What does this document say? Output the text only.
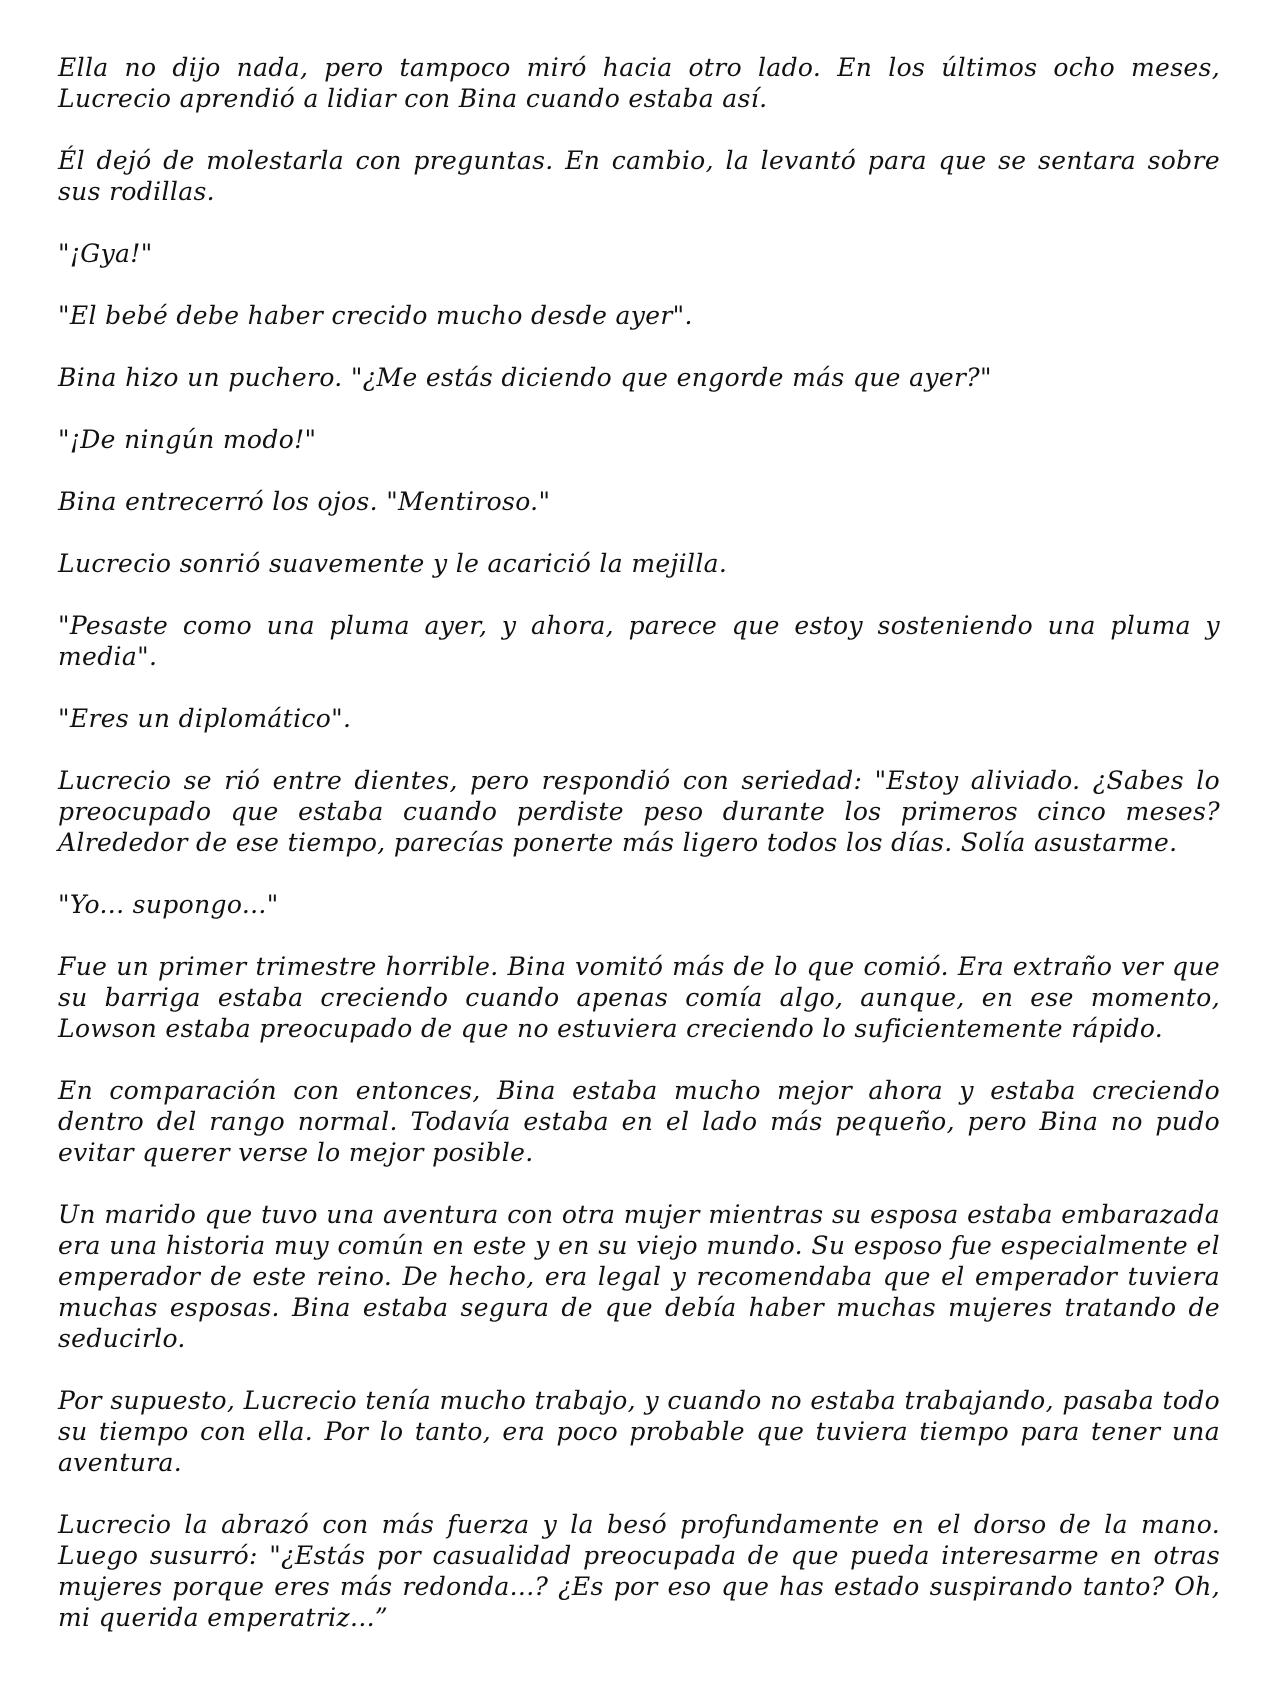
Ella no dijo nada, pero tampoco miró hacia otro lado. En los últimos ocho meses, Lucrecio aprendió a lidiar con Bina cuando estaba así.

Él dejó de molestarla con preguntas. En cambio, la levantó para que se sentara sobre sus rodillas.

"¡Gya!"

"El bebé debe haber crecido mucho desde ayer".

Bina hizo un puchero. "¿Me estás diciendo que engorde más que ayer?"

"¡De ningún modo!"

Bina entrecerró los ojos. "Mentiroso."

Lucrecio sonrió suavemente y le acarició la mejilla.

"Pesaste como una pluma ayer, y ahora, parece que estoy sosteniendo una pluma y media".

"Eres un diplomático".

Lucrecio se rió entre dientes, pero respondió con seriedad: "Estoy aliviado. ¿Sabes lo preocupado que estaba cuando perdiste peso durante los primeros cinco meses? Alrededor de ese tiempo, parecías ponerte más ligero todos los días. Solía asustarme.

"Yo... supongo..."

Fue un primer trimestre horrible. Bina vomitó más de lo que comió. Era extraño ver que su barriga estaba creciendo cuando apenas comía algo, aunque, en ese momento, Lowson estaba preocupado de que no estuviera creciendo lo suficientemente rápido.

En comparación con entonces, Bina estaba mucho mejor ahora y estaba creciendo dentro del rango normal. Todavía estaba en el lado más pequeño, pero Bina no pudo evitar querer verse lo mejor posible.

Un marido que tuvo una aventura con otra mujer mientras su esposa estaba embarazada era una historia muy común en este y en su viejo mundo. Su esposo fue especialmente el emperador de este reino. De hecho, era legal y recomendaba que el emperador tuviera muchas esposas. Bina estaba segura de que debía haber muchas mujeres tratando de seducirlo.

Por supuesto, Lucrecio tenía mucho trabajo, y cuando no estaba trabajando, pasaba todo su tiempo con ella. Por lo tanto, era poco probable que tuviera tiempo para tener una aventura.

Lucrecio la abrazó con más fuerza y la besó profundamente en el dorso de la mano. Luego susurró: "¿Estás por casualidad preocupada de que pueda interesarme en otras mujeres porque eres más redonda...? ¿Es por eso que has estado suspirando tanto? Oh, mi querida emperatriz...”
